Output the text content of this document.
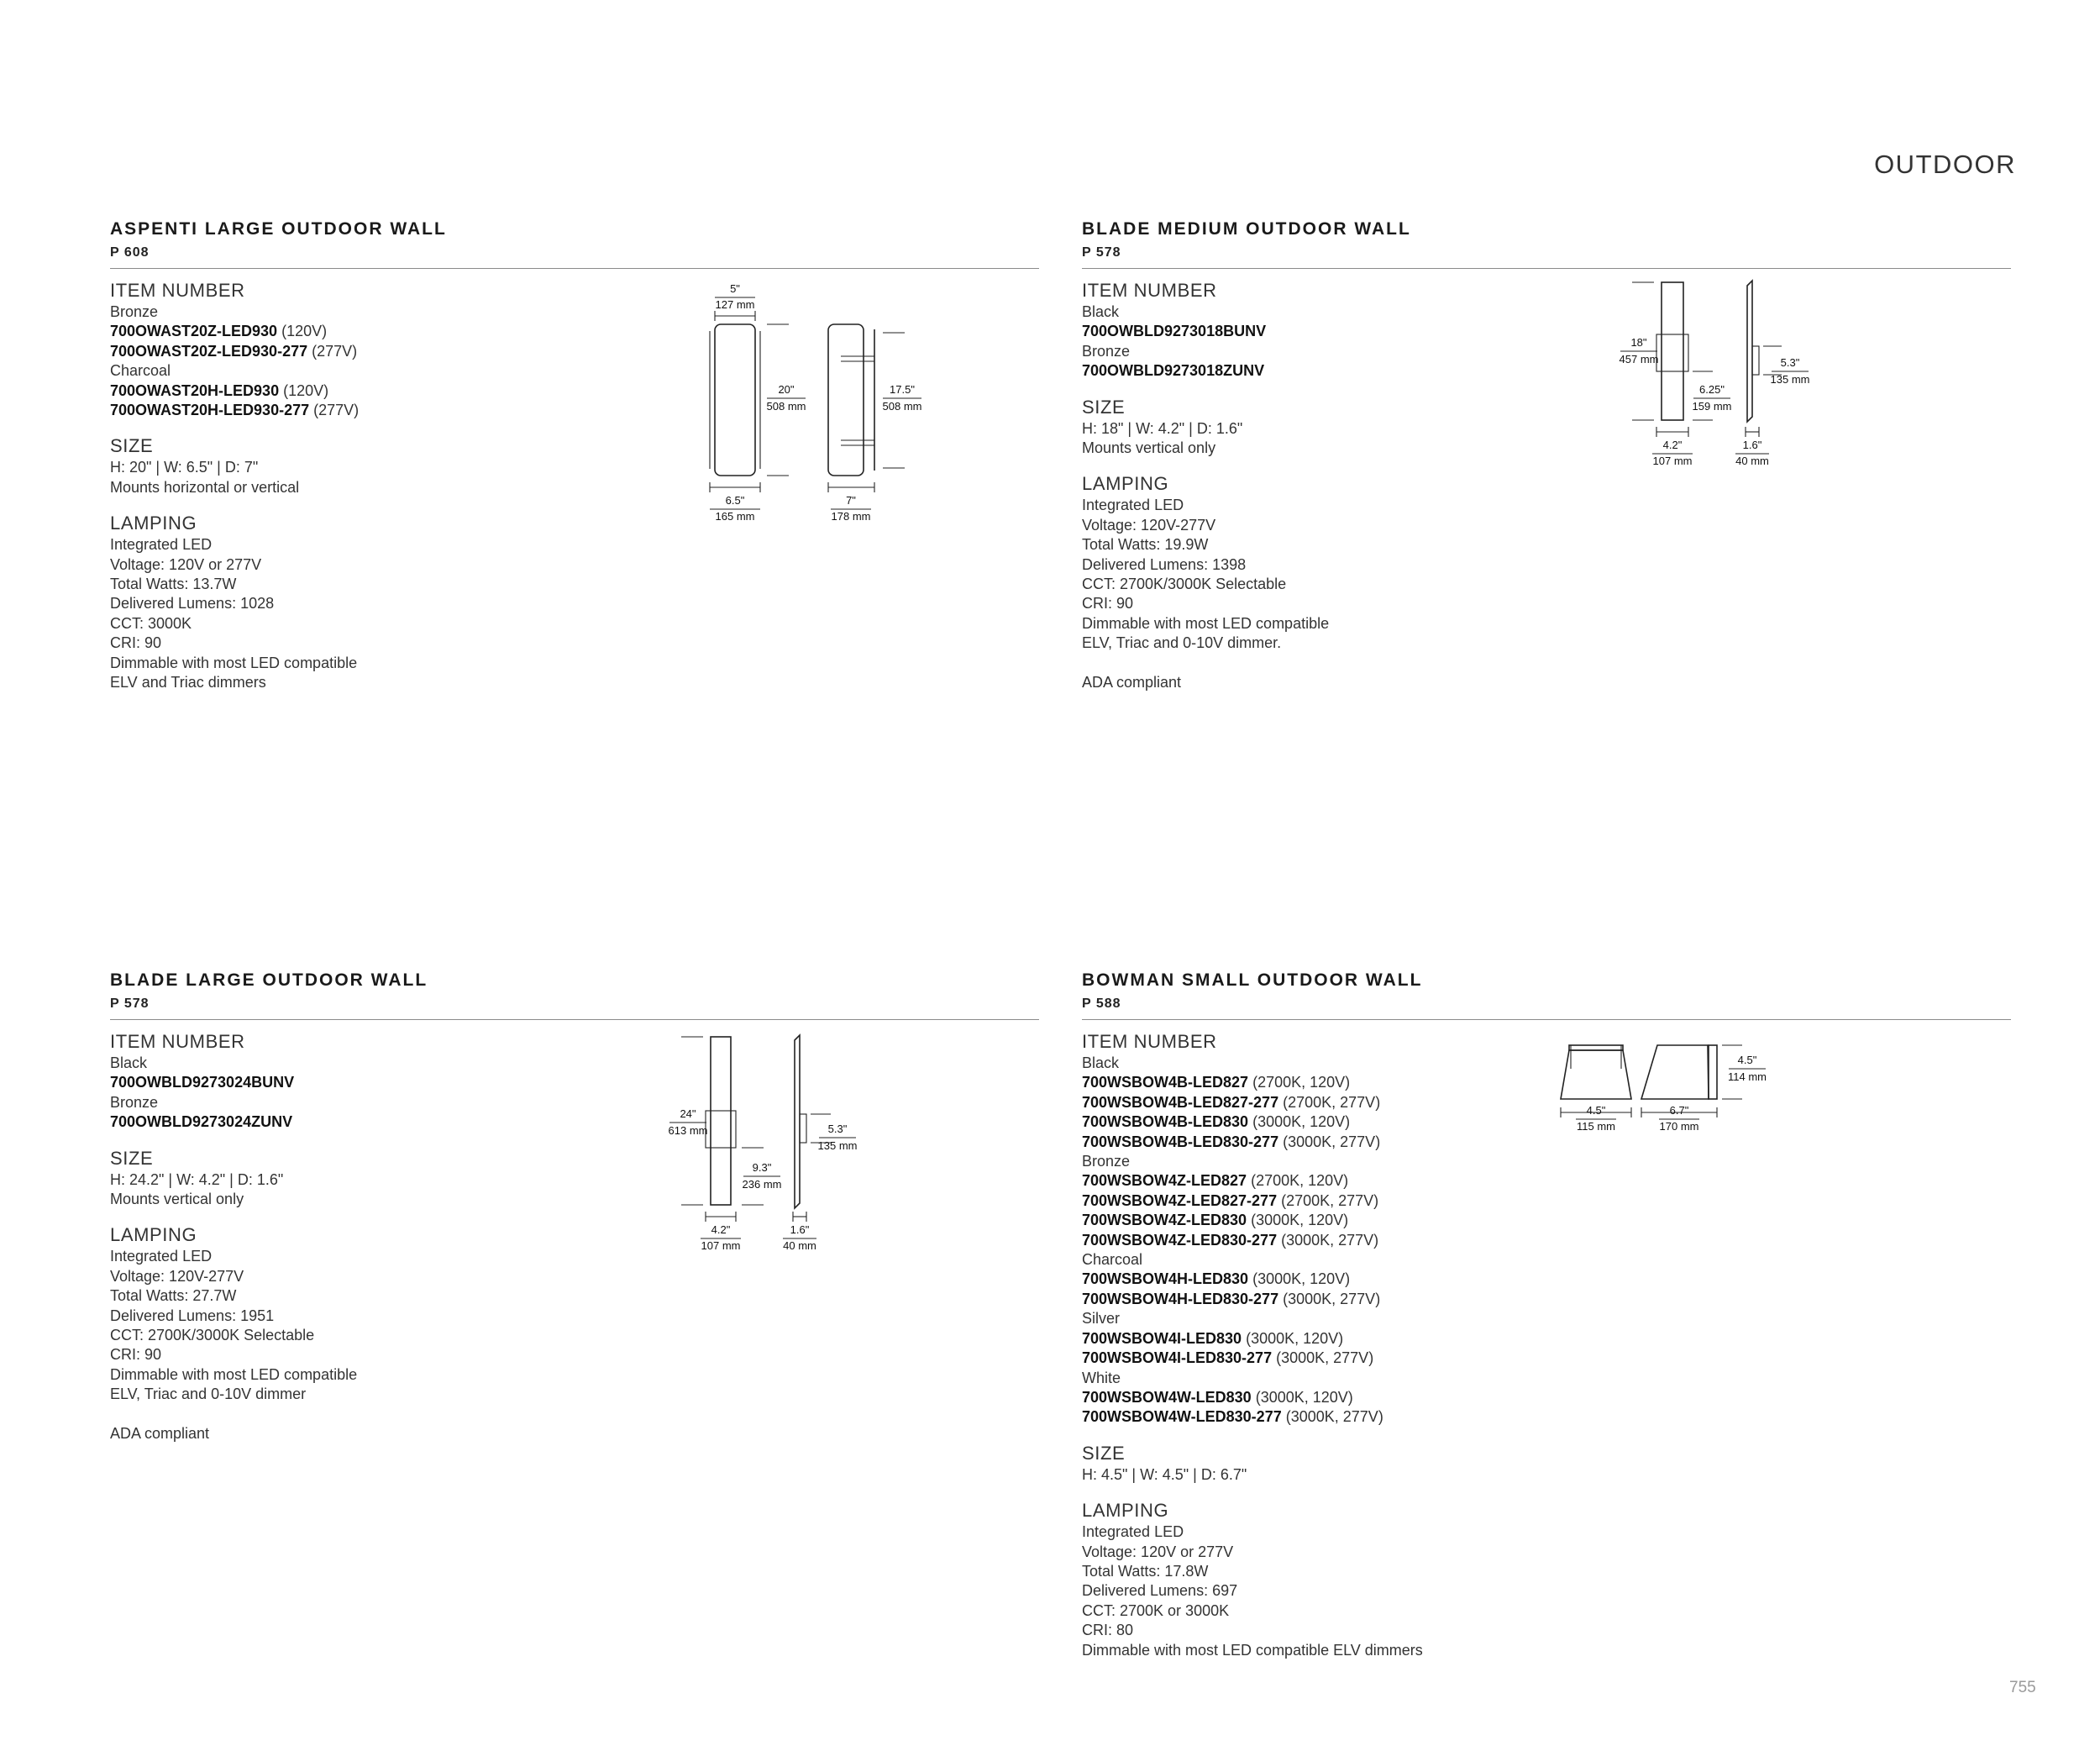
OUTDOOR
ASPENTI LARGE OUTDOOR WALL
P 608
ITEM NUMBER
Bronze
700OWAST20Z-LED930 (120V)
700OWAST20Z-LED930-277 (277V)
Charcoal
700OWAST20H-LED930 (120V)
700OWAST20H-LED930-277 (277V)
SIZE
H: 20" | W: 6.5" | D: 7"
Mounts horizontal or vertical
LAMPING
Integrated LED
Voltage: 120V or 277V
Total Watts: 13.7W
Delivered Lumens: 1028
CCT: 3000K
CRI: 90
Dimmable with most LED compatible
ELV and Triac dimmers
5"
127 mm
20"
508 mm
6.5"
165 mm
17.5"
508 mm
7"
178 mm
BLADE MEDIUM OUTDOOR WALL
P 578
ITEM NUMBER
Black
700OWBLD9273018BUNV
Bronze
700OWBLD9273018ZUNV
SIZE
H: 18" | W: 4.2" | D: 1.6"
Mounts vertical only
LAMPING
Integrated LED
Voltage: 120V-277V
Total Watts: 19.9W
Delivered Lumens: 1398
CCT: 2700K/3000K Selectable
CRI: 90
Dimmable with most LED compatible
ELV, Triac and 0-10V dimmer.
ADA compliant
18"
457 mm
6.25"
159 mm
4.2"
107 mm
5.3"
135 mm
1.6"
40 mm
BLADE LARGE OUTDOOR WALL
P 578
ITEM NUMBER
Black
700OWBLD9273024BUNV
Bronze
700OWBLD9273024ZUNV
SIZE
H: 24.2" | W: 4.2" | D: 1.6"
Mounts vertical only
LAMPING
Integrated LED
Voltage: 120V-277V
Total Watts: 27.7W
Delivered Lumens: 1951
CCT: 2700K/3000K Selectable
CRI: 90
Dimmable with most LED compatible
ELV, Triac and 0-10V dimmer
ADA compliant
24"
613 mm
9.3"
236 mm
4.2"
107 mm
5.3"
135 mm
1.6"
40 mm
BOWMAN SMALL OUTDOOR WALL
P 588
ITEM NUMBER
Black
700WSBOW4B-LED827 (2700K, 120V)
700WSBOW4B-LED827-277 (2700K, 277V)
700WSBOW4B-LED830 (3000K, 120V)
700WSBOW4B-LED830-277 (3000K, 277V)
Bronze
700WSBOW4Z-LED827 (2700K, 120V)
700WSBOW4Z-LED827-277 (2700K, 277V)
700WSBOW4Z-LED830 (3000K, 120V)
700WSBOW4Z-LED830-277 (3000K, 277V)
Charcoal
700WSBOW4H-LED830 (3000K, 120V)
700WSBOW4H-LED830-277 (3000K, 277V)
Silver
700WSBOW4I-LED830 (3000K, 120V)
700WSBOW4I-LED830-277 (3000K, 277V)
White
700WSBOW4W-LED830 (3000K, 120V)
700WSBOW4W-LED830-277 (3000K, 277V)
SIZE
H: 4.5" | W: 4.5" | D: 6.7"
LAMPING
Integrated LED
Voltage: 120V or 277V
Total Watts: 17.8W
Delivered Lumens: 697
CCT: 2700K or 3000K
CRI: 80
Dimmable with most LED compatible ELV dimmers
4.5"
115 mm
4.5"
114 mm
6.7"
170 mm
755
